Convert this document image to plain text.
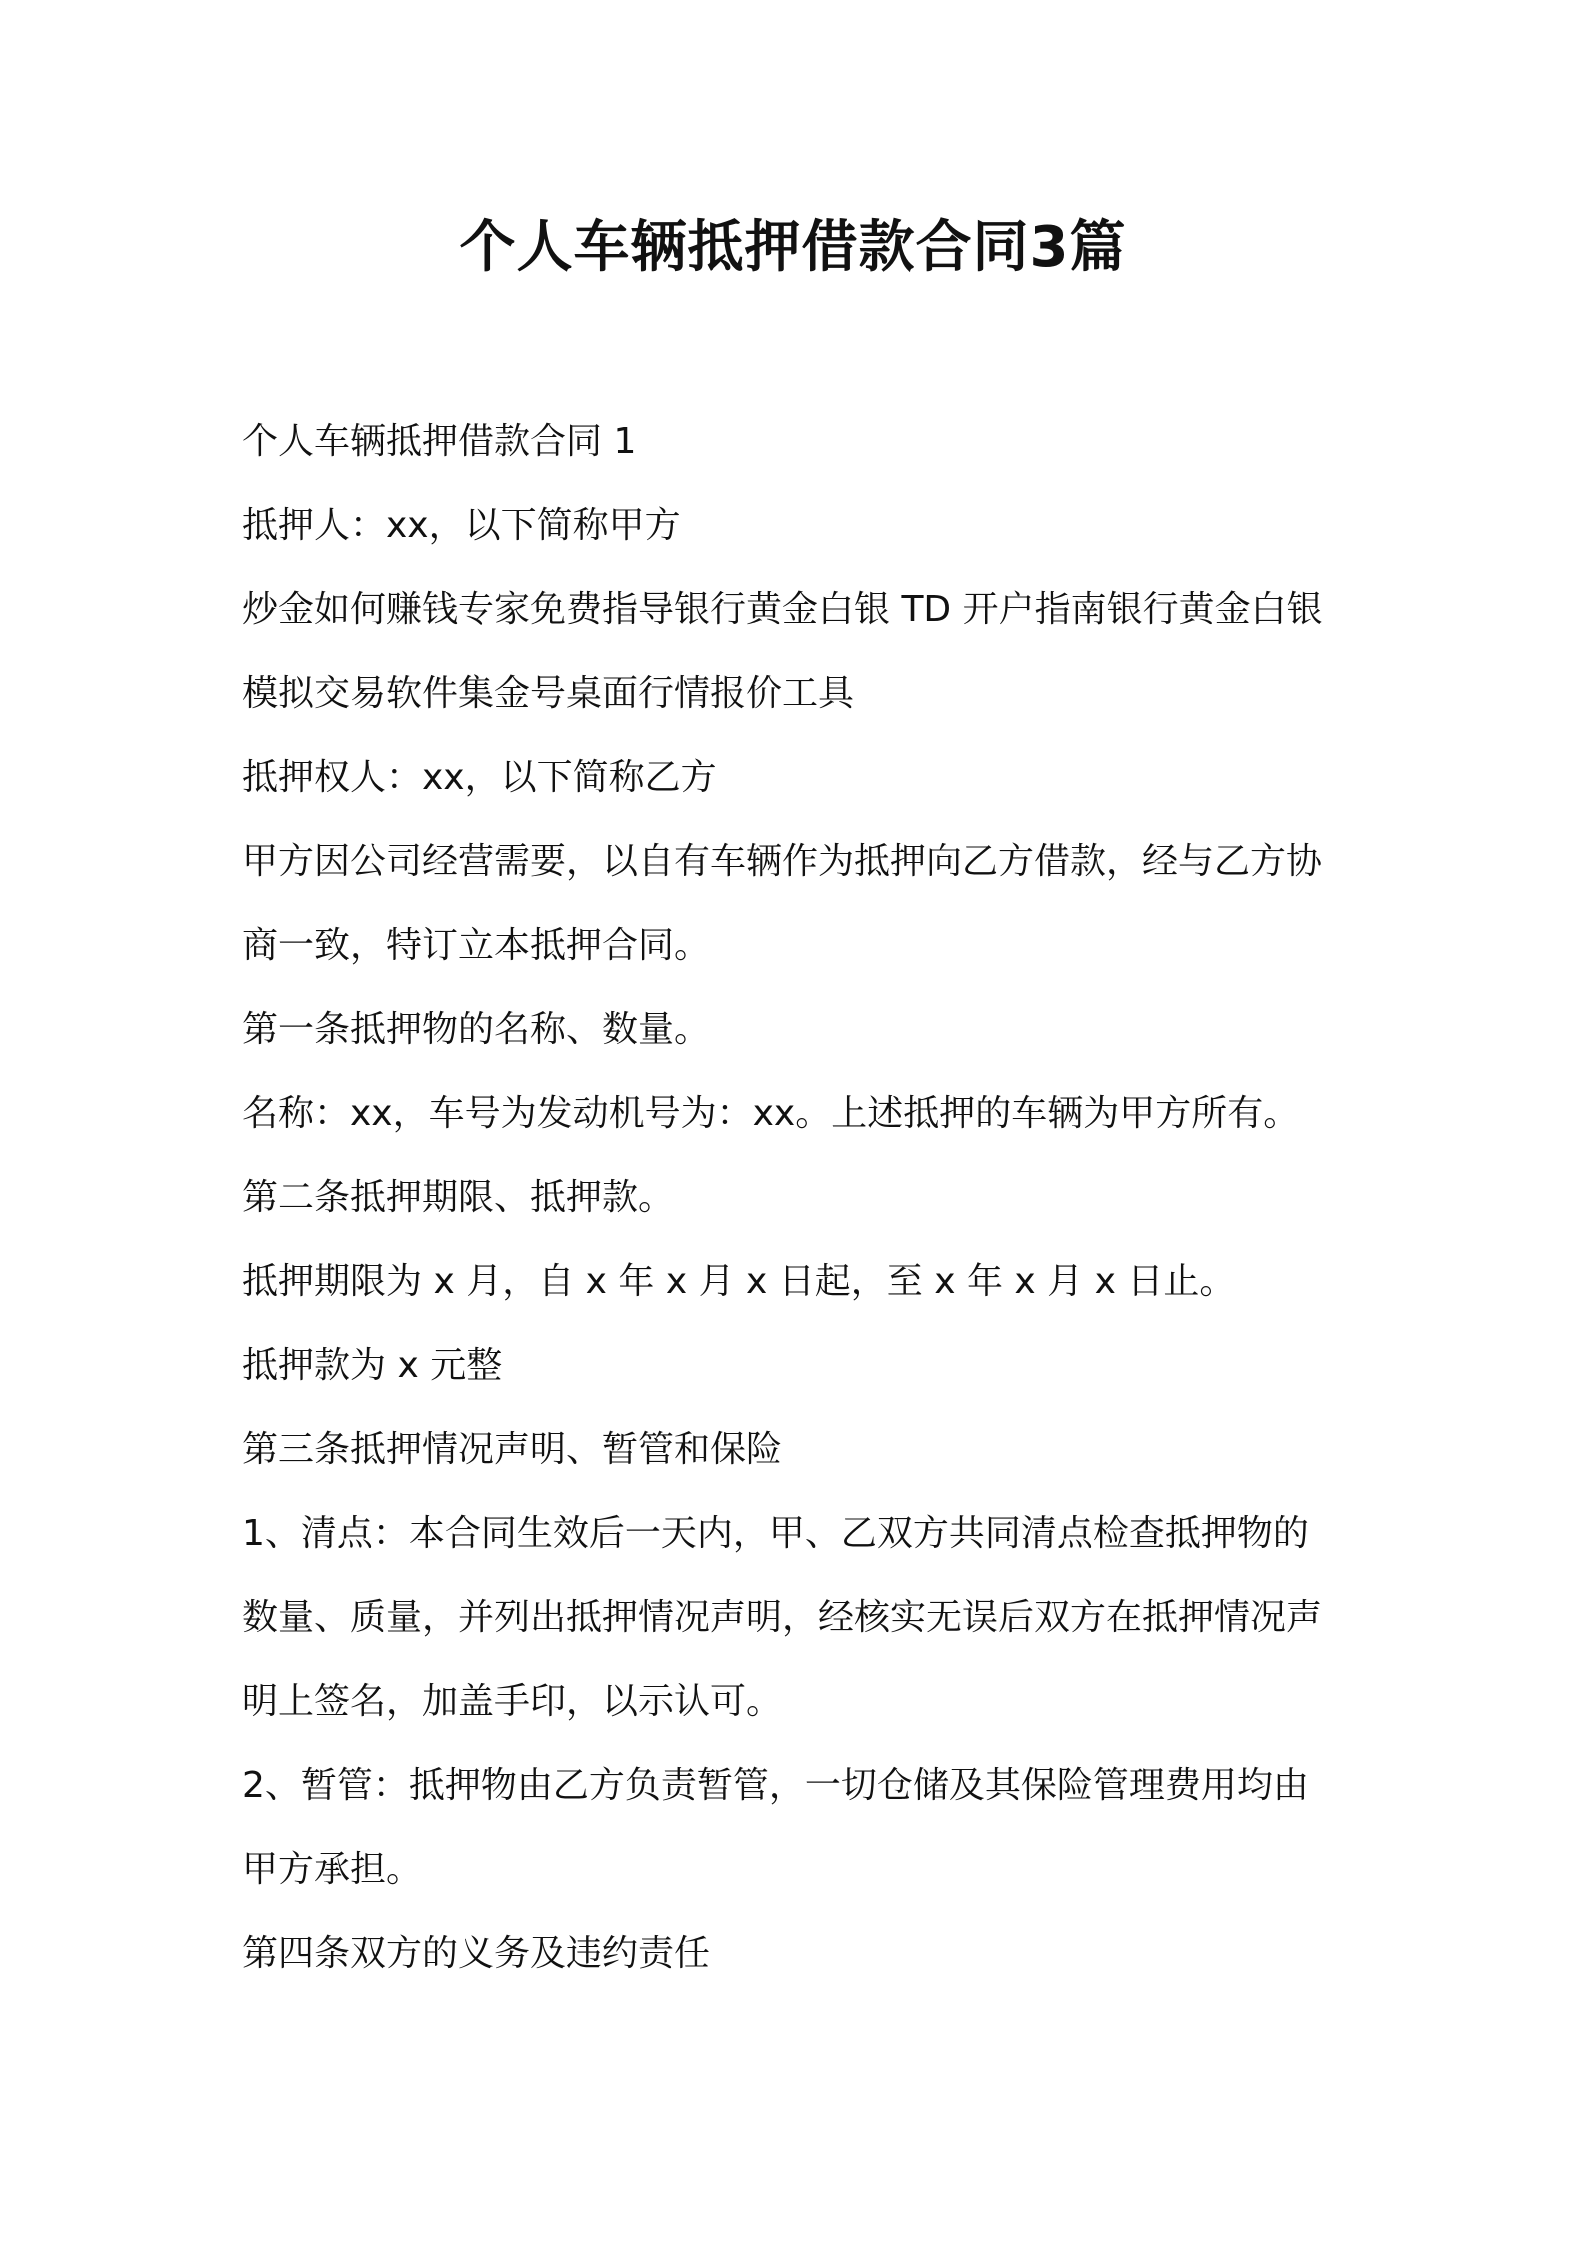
个人车辆抵押借款合同3篇

个人车辆抵押借款合同 1

抵押人：xx，以下简称甲方

炒金如何赚钱专家免费指导银行黄金白银 TD 开户指南银行黄金白银

模拟交易软件集金号桌面行情报价工具

抵押权人：xx，以下简称乙方

甲方因公司经营需要，以自有车辆作为抵押向乙方借款，经与乙方协

商一致，特订立本抵押合同。

第一条抵押物的名称、数量。

名称：xx，车号为发动机号为：xx。上述抵押的车辆为甲方所有。

第二条抵押期限、抵押款。

抵押期限为 x 月，自 x 年 x 月 x 日起，至 x 年 x 月 x 日止。

抵押款为 x 元整

第三条抵押情况声明、暂管和保险

1、清点：本合同生效后一天内，甲、乙双方共同清点检查抵押物的

数量、质量，并列出抵押情况声明，经核实无误后双方在抵押情况声

明上签名，加盖手印，以示认可。

2、暂管：抵押物由乙方负责暂管，一切仓储及其保险管理费用均由

甲方承担。

第四条双方的义务及违约责任
